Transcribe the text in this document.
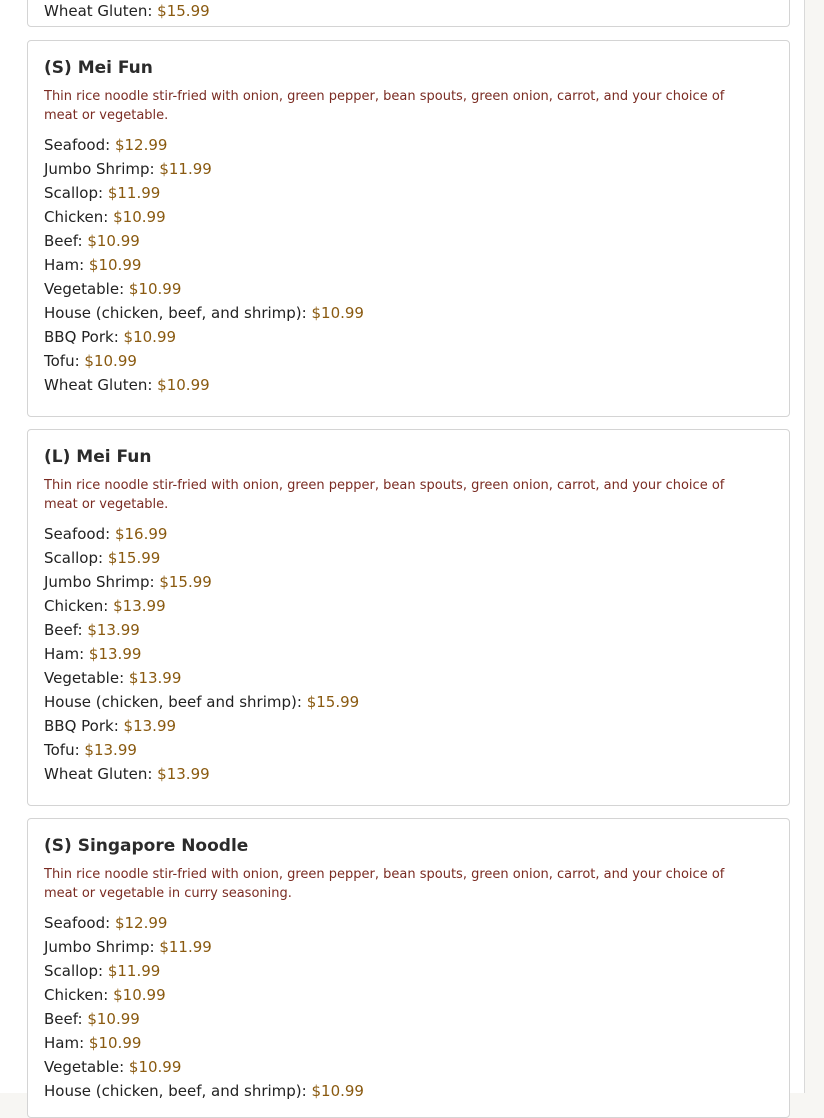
Wheat Gluten: $15.99
(S) Mei Fun
Thin rice noodle stir-fried with onion, green pepper, bean spouts, green onion, carrot, and your choice of meat or vegetable.
Seafood: $12.99
Jumbo Shrimp: $11.99
Scallop: $11.99
Chicken: $10.99
Beef: $10.99
Ham: $10.99
Vegetable: $10.99
House (chicken, beef, and shrimp): $10.99
BBQ Pork: $10.99
Tofu: $10.99
Wheat Gluten: $10.99
(L) Mei Fun
Thin rice noodle stir-fried with onion, green pepper, bean spouts, green onion, carrot, and your choice of meat or vegetable.
Seafood: $16.99
Scallop: $15.99
Jumbo Shrimp: $15.99
Chicken: $13.99
Beef: $13.99
Ham: $13.99
Vegetable: $13.99
House (chicken, beef and shrimp): $15.99
BBQ Pork: $13.99
Tofu: $13.99
Wheat Gluten: $13.99
(S) Singapore Noodle
Thin rice noodle stir-fried with onion, green pepper, bean spouts, green onion, carrot, and your choice of meat or vegetable in curry seasoning.
Seafood: $12.99
Jumbo Shrimp: $11.99
Scallop: $11.99
Chicken: $10.99
Beef: $10.99
Ham: $10.99
Vegetable: $10.99
House (chicken, beef, and shrimp): $10.99
